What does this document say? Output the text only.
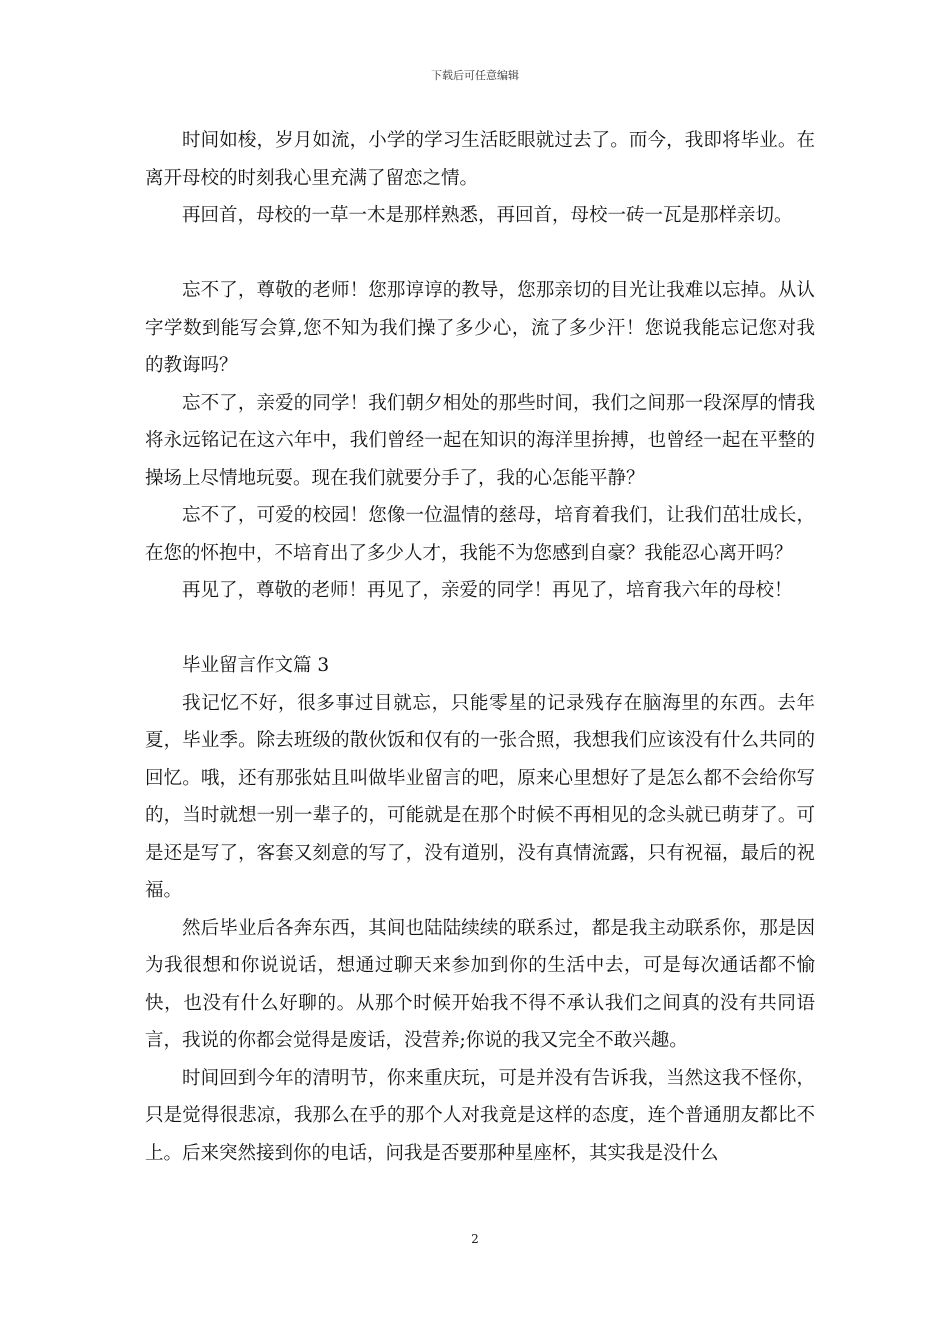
下载后可任意编辑

时间如梭，岁月如流，小学的学习生活眨眼就过去了。而今，我即将毕业。在离开母校的时刻我心里充满了留恋之情。

再回首，母校的一草一木是那样熟悉，再回首，母校一砖一瓦是那样亲切。

忘不了，尊敬的老师！您那谆谆的教导，您那亲切的目光让我难以忘掉。从认字学数到能写会算,您不知为我们操了多少心，流了多少汗！您说我能忘记您对我的教诲吗？

忘不了，亲爱的同学！我们朝夕相处的那些时间，我们之间那一段深厚的情我将永远铭记在这六年中，我们曾经一起在知识的海洋里拚搏，也曾经一起在平整的操场上尽情地玩耍。现在我们就要分手了，我的心怎能平静？

忘不了，可爱的校园！您像一位温情的慈母，培育着我们，让我们茁壮成长，在您的怀抱中，不培育出了多少人才，我能不为您感到自豪？我能忍心离开吗？

再见了，尊敬的老师！再见了，亲爱的同学！再见了，培育我六年的母校！

毕业留言作文篇 3

我记忆不好，很多事过目就忘，只能零星的记录残存在脑海里的东西。去年夏，毕业季。除去班级的散伙饭和仅有的一张合照，我想我们应该没有什么共同的回忆。哦，还有那张姑且叫做毕业留言的吧，原来心里想好了是怎么都不会给你写的，当时就想一别一辈子的，可能就是在那个时候不再相见的念头就已萌芽了。可是还是写了，客套又刻意的写了，没有道别，没有真情流露，只有祝福，最后的祝福。

然后毕业后各奔东西，其间也陆陆续续的联系过，都是我主动联系你，那是因为我很想和你说说话，想通过聊天来参加到你的生活中去，可是每次通话都不愉快，也没有什么好聊的。从那个时候开始我不得不承认我们之间真的没有共同语言，我说的你都会觉得是废话，没营养;你说的我又完全不敢兴趣。

时间回到今年的清明节，你来重庆玩，可是并没有告诉我，当然这我不怪你，只是觉得很悲凉，我那么在乎的那个人对我竟是这样的态度，连个普通朋友都比不上。后来突然接到你的电话，问我是否要那种星座杯，其实我是没什么

2
